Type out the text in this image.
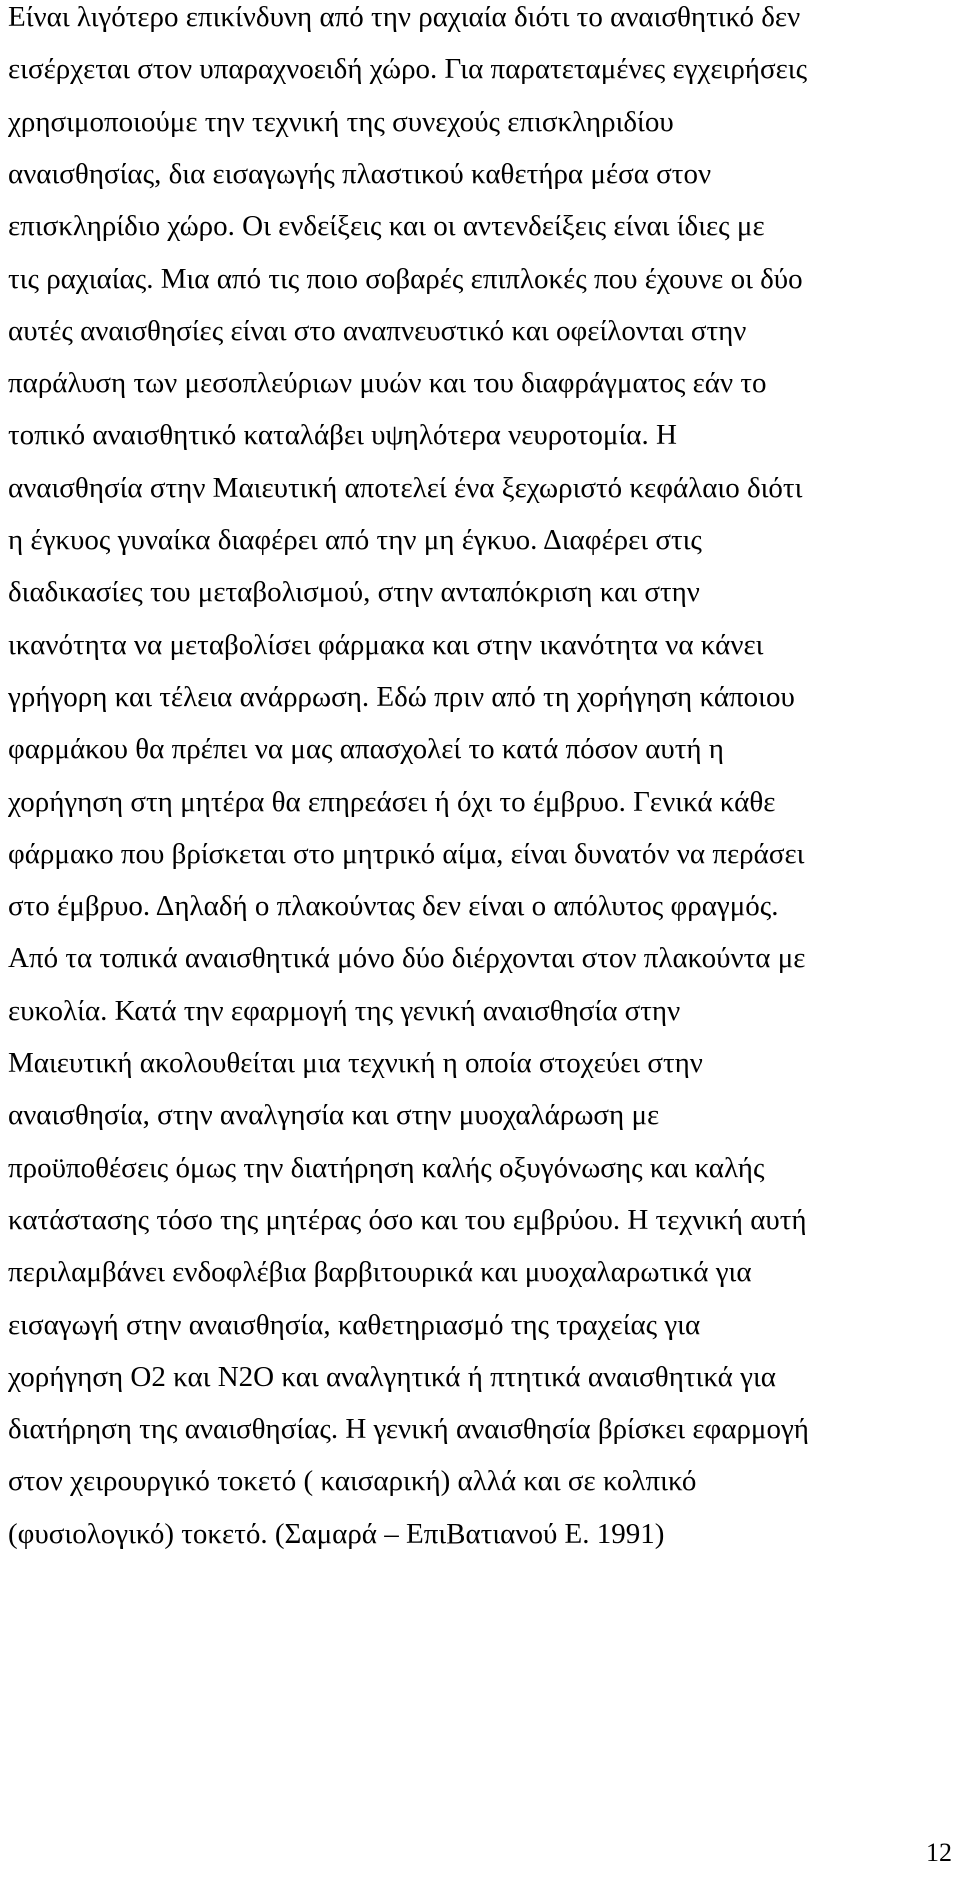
Είναι λιγότερο επικίνδυνη από την ραχιαία διότι το αναισθητικό δεν

εισέρχεται στον υπαραχνοειδή χώρο. Για παρατεταμένες εγχειρήσεις

χρησιμοποιούμε την τεχνική της συνεχούς επισκληριδίου

αναισθησίας, δια εισαγωγής πλαστικού καθετήρα μέσα στον

επισκληρίδιο χώρο. Οι ενδείξεις και οι αντενδείξεις είναι ίδιες με

τις ραχιαίας. Μια από τις ποιο σοβαρές επιπλοκές που έχουνε οι δύο

αυτές αναισθησίες είναι στο αναπνευστικό και οφείλονται στην

παράλυση των μεσοπλεύριων μυών και του διαφράγματος εάν το

τοπικό αναισθητικό καταλάβει υψηλότερα νευροτομία. Η

αναισθησία στην Μαιευτική αποτελεί ένα ξεχωριστό κεφάλαιο διότι

η έγκυος γυναίκα διαφέρει από την μη έγκυο. Διαφέρει στις

διαδικασίες του μεταβολισμού, στην ανταπόκριση και στην

ικανότητα να μεταβολίσει φάρμακα και στην ικανότητα να κάνει

γρήγορη και τέλεια ανάρρωση. Εδώ πριν από τη χορήγηση κάποιου

φαρμάκου θα πρέπει να μας απασχολεί το κατά πόσον αυτή η

χορήγηση στη μητέρα θα επηρεάσει ή όχι το έμβρυο. Γενικά κάθε

φάρμακο που βρίσκεται στο μητρικό αίμα, είναι δυνατόν να περάσει

στο έμβρυο. Δηλαδή ο πλακούντας δεν είναι ο απόλυτος φραγμός.

Από τα τοπικά αναισθητικά μόνο δύο διέρχονται στον πλακούντα με

ευκολία. Κατά την εφαρμογή της γενική αναισθησία στην

Μαιευτική ακολουθείται μια τεχνική η οποία στοχεύει στην

αναισθησία, στην αναλγησία και στην μυοχαλάρωση με

προϋποθέσεις όμως την διατήρηση καλής οξυγόνωσης και καλής

κατάστασης τόσο της μητέρας όσο και του εμβρύου. Η τεχνική αυτή

περιλαμβάνει ενδοφλέβια βαρβιτουρικά και μυοχαλαρωτικά για

εισαγωγή στην αναισθησία, καθετηριασμό της τραχείας για

χορήγηση O2 και N2O και αναλγητικά ή πτητικά αναισθητικά για

διατήρηση της αναισθησίας. Η γενική αναισθησία βρίσκει εφαρμογή

στον χειρουργικό τοκετό ( καισαρική) αλλά και σε κολπικό

(φυσιολογικό) τοκετό. (Σαμαρά – ΕπιΒατιανού Ε. 1991)

12
